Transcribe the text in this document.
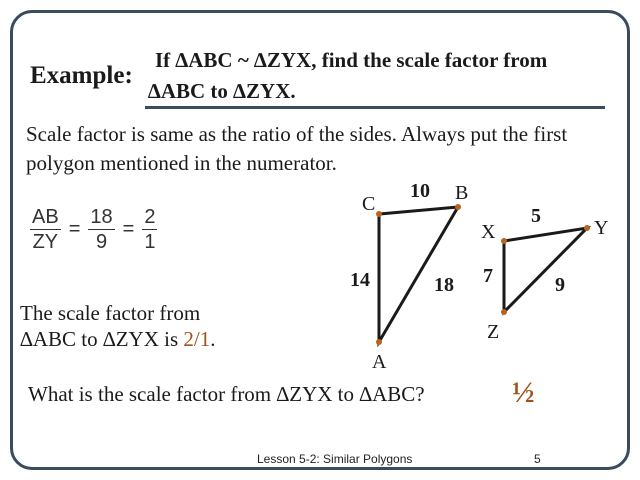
Example:
If ∆ABC ~ ∆ZYX, find the scale factor from
∆ABC to ∆ZYX.
Scale factor is same as the ratio of the sides. Always put the first polygon mentioned in the numerator.
$\frac{AB}{ZY} = \frac{18}{9} = \frac{2}{1}$
C
10 B
14	18
A
X
5
Y
7	9
Z
The scale factor from
∆ABC to ∆ZYX is 2/1.
What is the scale factor from ∆ZYX to ∆ABC?	½
Lesson 5-2: Similar Polygons	5
